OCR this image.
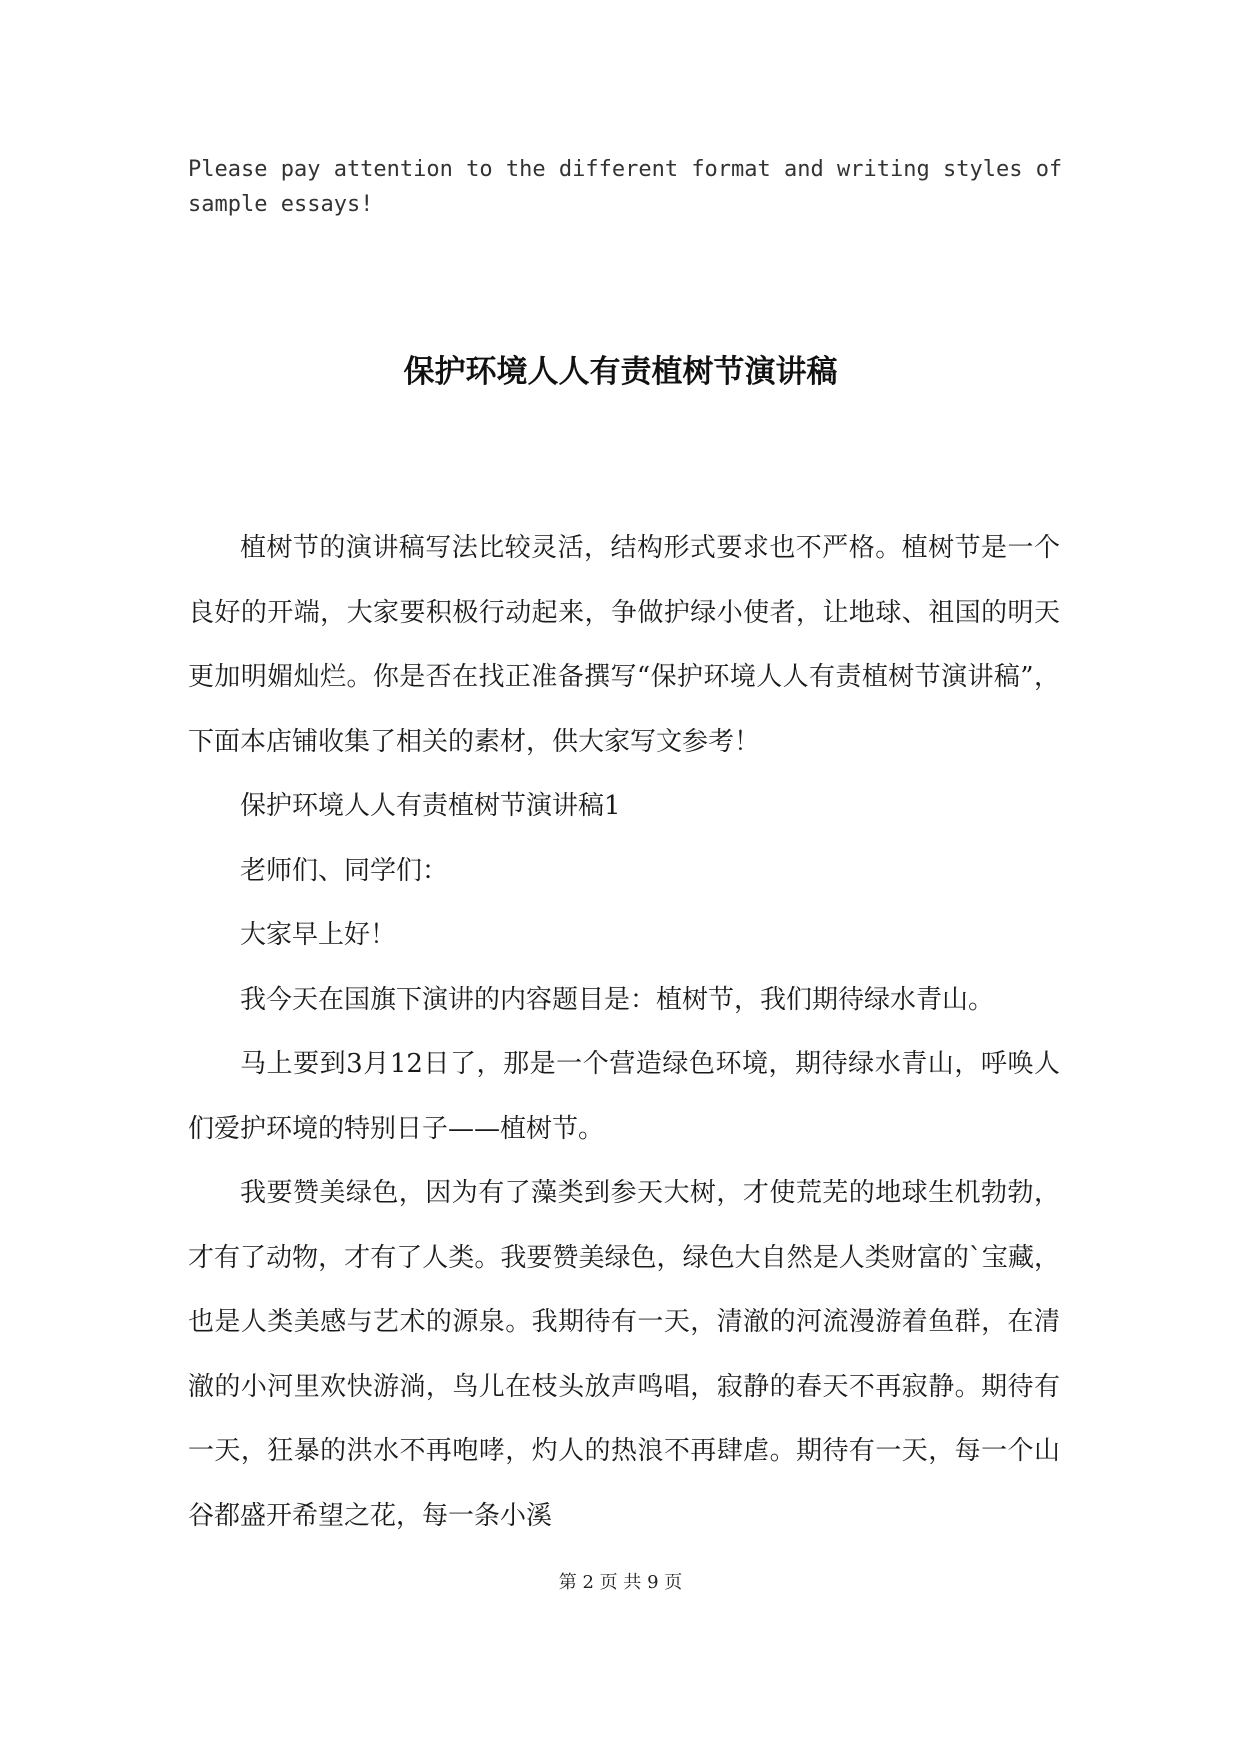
Please pay attention to the different format and writing styles of
sample essays!
保护环境人人有责植树节演讲稿

植树节的演讲稿写法比较灵活，结构形式要求也不严格。植树节是一个良好的开端，大家要积极行动起来，争做护绿小使者，让地球、祖国的明天更加明媚灿烂。你是否在找正准备撰写“保护环境人人有责植树节演讲稿”，下面本店铺收集了相关的素材，供大家写文参考！

保护环境人人有责植树节演讲稿1

老师们、同学们：

大家早上好！

我今天在国旗下演讲的内容题目是：植树节，我们期待绿水青山。

马上要到3月12日了，那是一个营造绿色环境，期待绿水青山，呼唤人们爱护环境的特别日子——植树节。

我要赞美绿色，因为有了藻类到参天大树，才使荒芜的地球生机勃勃，才有了动物，才有了人类。我要赞美绿色，绿色大自然是人类财富的`宝藏，也是人类美感与艺术的源泉。我期待有一天，清澈的河流漫游着鱼群，在清澈的小河里欢快游淌，鸟儿在枝头放声鸣唱，寂静的春天不再寂静。期待有一天，狂暴的洪水不再咆哮，灼人的热浪不再肆虐。期待有一天，每一个山谷都盛开希望之花，每一条小溪

第 2 页 共 9 页
